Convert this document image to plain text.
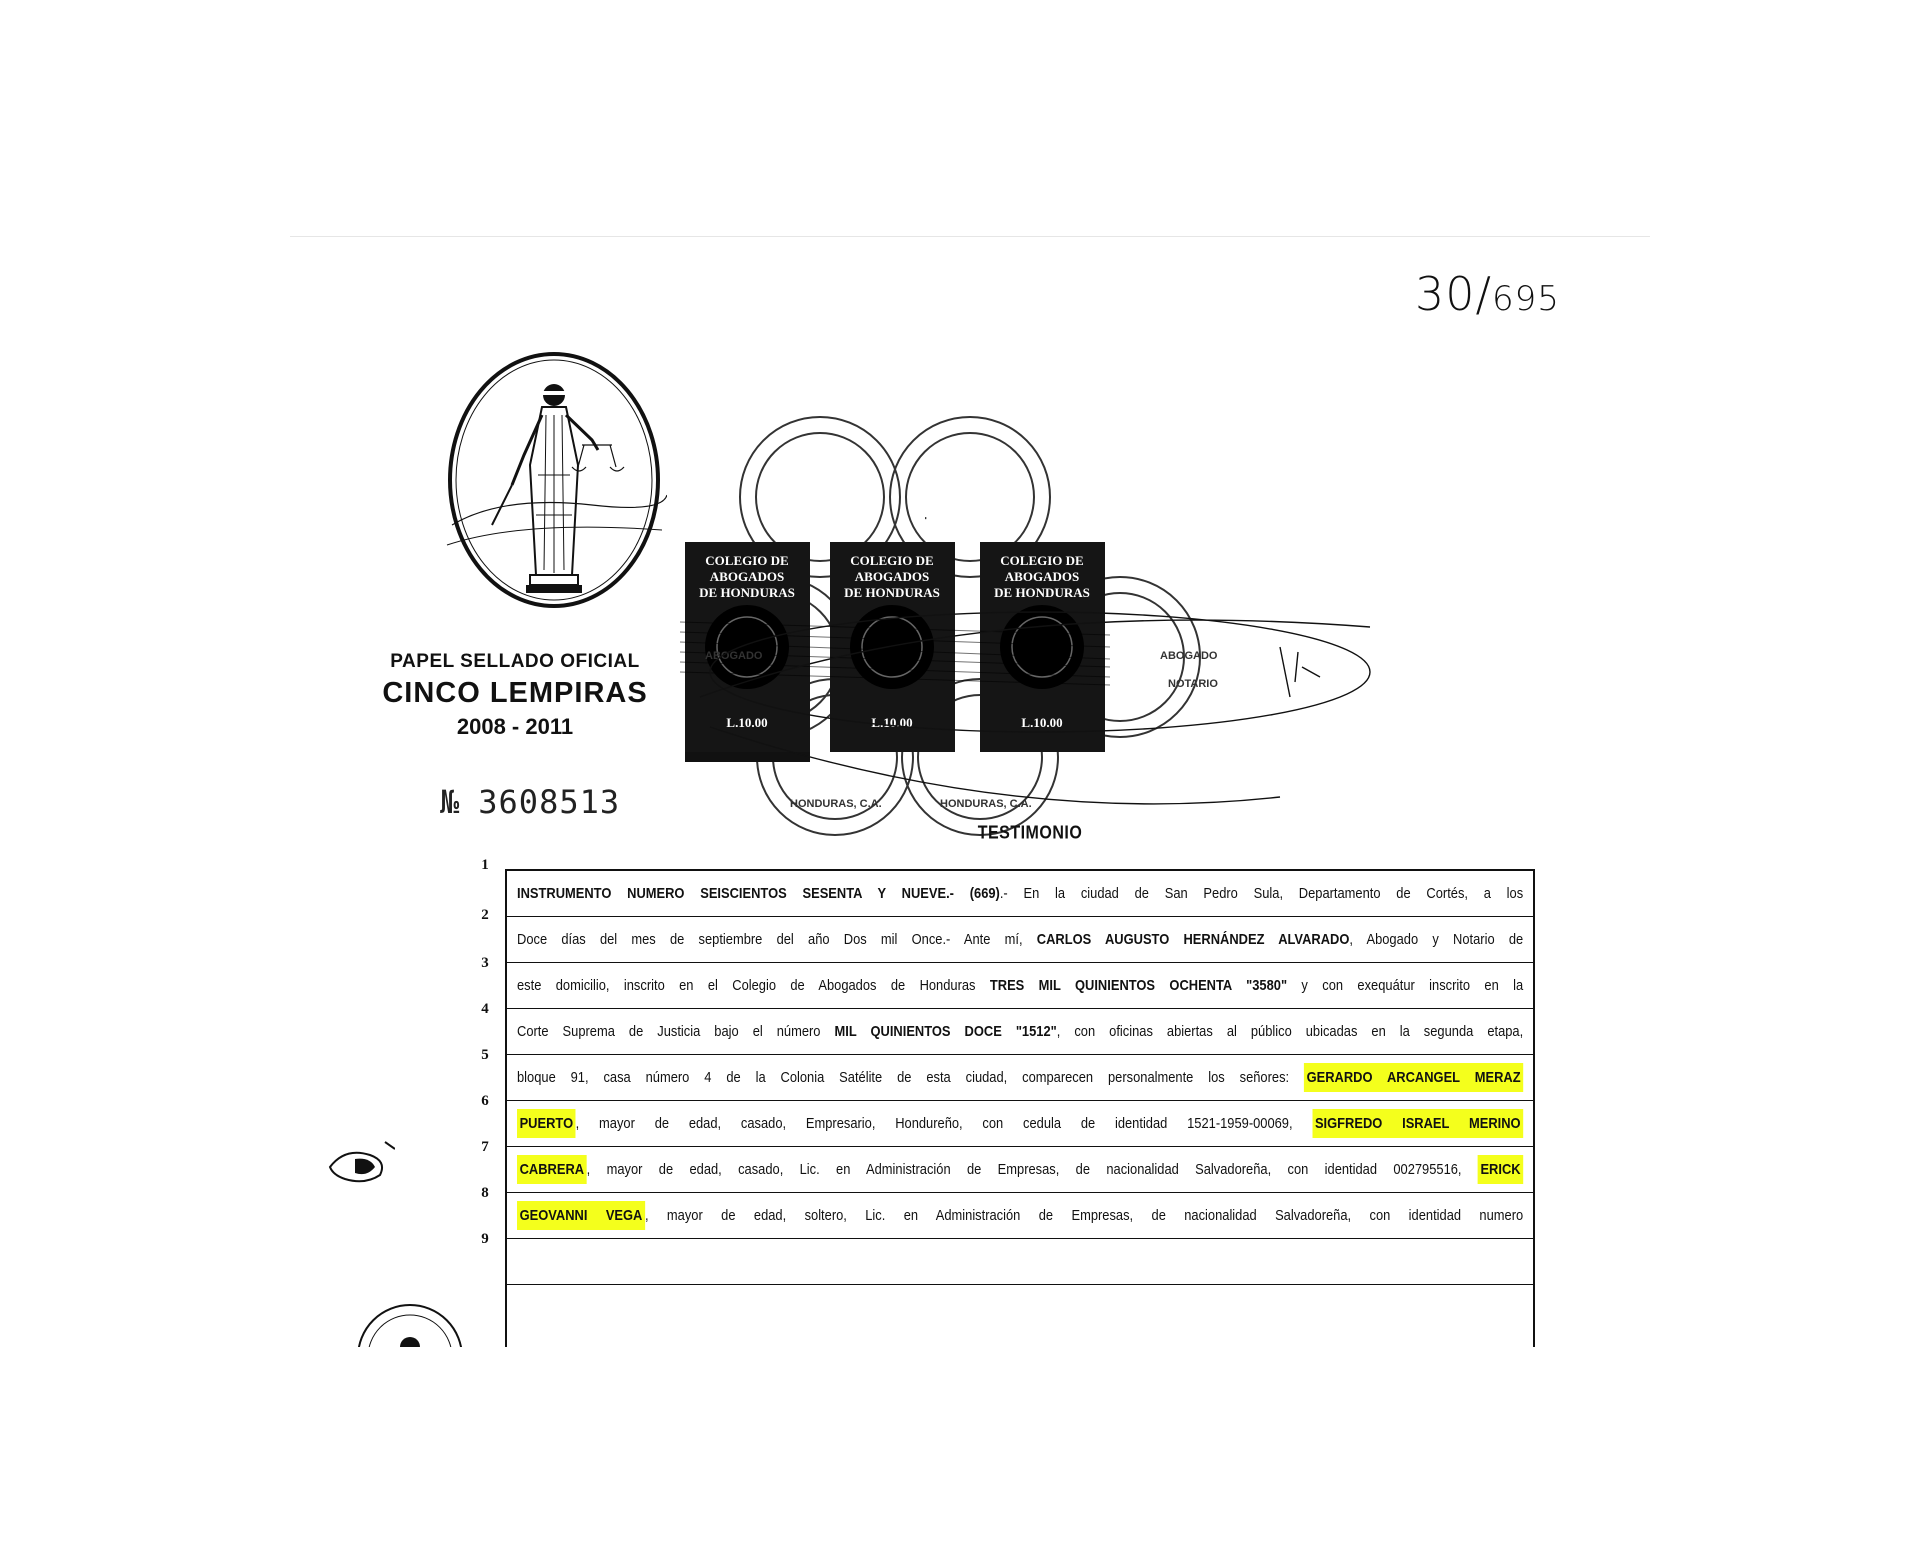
30/695
PAPEL SELLADO OFICIAL
CINCO LEMPIRAS
2008 - 2011
№ 3608513
COLEGIO DE
ABOGADOS
DE HONDURAS
COLEGIO DE
ABOGADOS
DE HONDURAS
COLEGIO DE
ABOGADOS
DE HONDURAS
L.10.00	L.10.00	L.10.00
ABOGADO	ABOGADO
NOTARIO
HONDURAS, C.A.	HONDURAS, C.A.
TESTIMONIO
1
2
3
4
5
6
7
8
9
INSTRUMENTO NUMERO SEISCIENTOS SESENTA Y NUEVE.- (669).- En la ciudad de San Pedro Sula, Departamento de Cortés, a los
Doce días del mes de septiembre del año Dos mil Once.- Ante mí, CARLOS AUGUSTO HERNÁNDEZ ALVARADO, Abogado y Notario de
este domicilio, inscrito en el Colegio de Abogados de Honduras TRES MIL QUINIENTOS OCHENTA "3580" y con exequátur inscrito en la
Corte Suprema de Justicia bajo el número MIL QUINIENTOS DOCE "1512", con oficinas abiertas al público ubicadas en la segunda etapa,
bloque 91, casa número 4 de la Colonia Satélite de esta ciudad, comparecen personalmente los señores: GERARDO ARCANGEL MERAZ
PUERTO , mayor de edad, casado, Empresario, Hondureño, con cedula de identidad 1521-1959-00069, SIGFREDO ISRAEL MERINO
CABRERA , mayor de edad, casado, Lic. en Administración de Empresas, de nacionalidad Salvadoreña, con identidad 002795516, ERICK
GEOVANNI VEGA , mayor de edad, soltero, Lic. en Administración de Empresas, de nacionalidad Salvadoreña, con identidad numero
